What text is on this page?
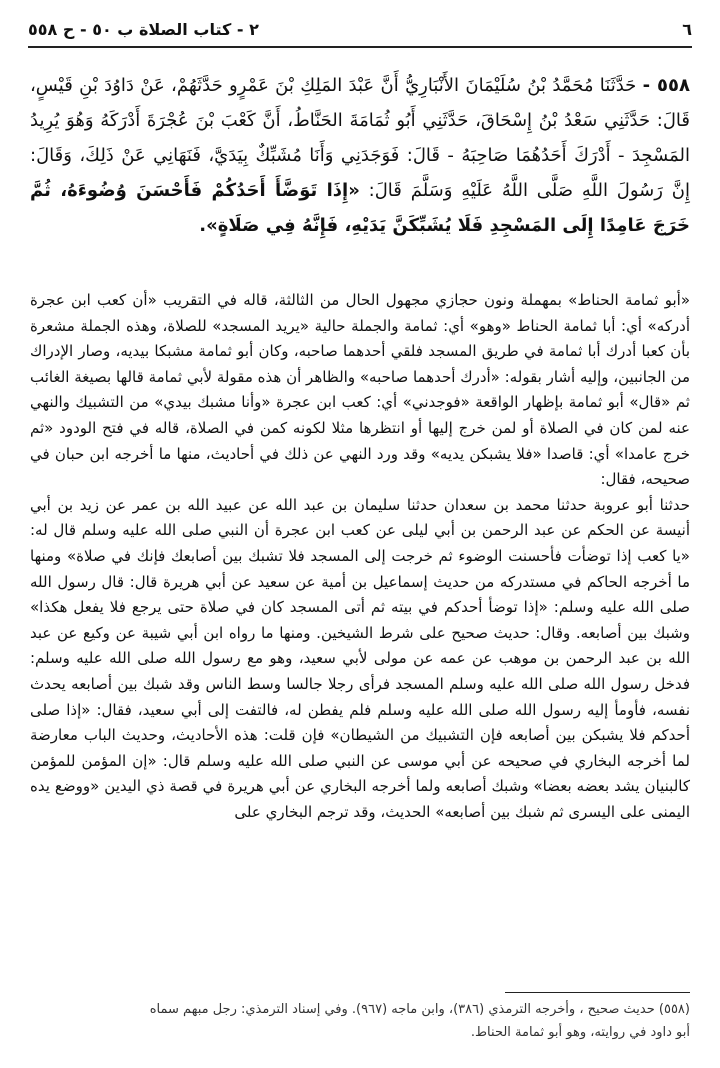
٦
٢ - كتاب الصلاة ب ٥٠ - ح ٥٥٨
٥٥٨ - حَدَّثَنَا مُحَمَّدُ بْنُ سُلَيْمَانَ الأَنْبَارِيُّ أَنَّ عَبْدَ المَلِكِ بْنَ عَمْرٍو حَدَّثَهُمْ، عَنْ دَاوُدَ بْنِ قَيْسٍ، قَالَ: حَدَّثَنِي سَعْدُ بْنُ إِسْحَاقَ، حَدَّثَنِي أَبُو ثُمَامَةَ الحَنَّاطُ، أَنَّ كَعْبَ بْنَ عُجْرَةَ أَدْرَكَهُ وَهُوَ يُرِيدُ المَسْجِدَ - أَدْرَكَ أَحَدُهُمَا صَاحِبَهُ - قَالَ: فَوَجَدَنِي وَأَنَا مُشَبِّكٌ بِيَدَيَّ، فَنَهَانِي عَنْ ذَلِكَ، وَقَالَ: إِنَّ رَسُولَ اللَّهِ صَلَّى اللَّهُ عَلَيْهِ وَسَلَّمَ قَالَ: «إِذَا تَوَضَّأَ أَحَدُكُمْ فَأَحْسَنَ وُضُوءَهُ، ثُمَّ خَرَجَ عَامِدًا إِلَى المَسْجِدِ فَلَا يُشَبِّكَنَّ يَدَيْهِ، فَإِنَّهُ فِي صَلَاةٍ».
«أبو ثمامة الحناط» بمهملة ونون حجازي مجهول الحال من الثالثة، قاله في التقريب «أن كعب ابن عجرة أدركه» أي: أبا ثمامة الحناط «وهو» أي: ثمامة والجملة حالية «يريد المسجد» للصلاة، وهذه الجملة مشعرة بأن كعبا أدرك أبا ثمامة في طريق المسجد فلقي أحدهما صاحبه، وكان أبو ثمامة مشبكا بيديه، وصار الإدراك من الجانبين، وإليه أشار بقوله: «أدرك أحدهما صاحبه» والظاهر أن هذه مقولة لأبي ثمامة قالها بصيغة الغائب ثم «قال» أبو ثمامة بإظهار الواقعة «فوجدني» أي: كعب ابن عجرة «وأنا مشبك بيدي» من التشبيك والنهي عنه لمن كان في الصلاة أو لمن خرج إليها أو انتظرها مثلا لكونه كمن في الصلاة، قاله في فتح الودود «ثم خرج عامدا» أي: قاصدا «فلا يشبكن يديه» وقد ورد النهي عن ذلك في أحاديث، منها ما أخرجه ابن حبان في صحيحه، فقال:
حدثنا أبو عروبة حدثنا محمد بن سعدان حدثنا سليمان بن عبد الله عن عبيد الله بن عمر عن زيد بن أبي أنيسة عن الحكم عن عبد الرحمن بن أبي ليلى عن كعب ابن عجرة أن النبي صلى الله عليه وسلم قال له: «يا كعب إذا توضأت فأحسنت الوضوء ثم خرجت إلى المسجد فلا تشبك بين أصابعك فإنك في صلاة» ومنها ما أخرجه الحاكم في مستدركه من حديث إسماعيل بن أمية عن سعيد عن أبي هريرة قال: قال رسول الله صلى الله عليه وسلم: «إذا توضأ أحدكم في بيته ثم أتى المسجد كان في صلاة حتى يرجع فلا يفعل هكذا» وشبك بين أصابعه. وقال: حديث صحيح على شرط الشيخين. ومنها ما رواه ابن أبي شيبة عن وكيع عن عبد الله بن عبد الرحمن بن موهب عن عمه عن مولى لأبي سعيد، وهو مع رسول الله صلى الله عليه وسلم: فدخل رسول الله صلى الله عليه وسلم المسجد فرأى رجلا جالسا وسط الناس وقد شبك بين أصابعه يحدث نفسه، فأومأ إليه رسول الله صلى الله عليه وسلم فلم يفطن له، فالتفت إلى أبي سعيد، فقال: «إذا صلى أحدكم فلا يشبكن بين أصابعه فإن التشبيك من الشيطان» فإن قلت: هذه الأحاديث، وحديث الباب معارضة لما أخرجه البخاري في صحيحه عن أبي موسى عن النبي صلى الله عليه وسلم قال: «إن المؤمن للمؤمن كالبنيان يشد بعضه بعضا» وشبك أصابعه ولما أخرجه البخاري عن أبي هريرة في قصة ذي اليدين «ووضع يده اليمنى على اليسرى ثم شبك بين أصابعه» الحديث، وقد ترجم البخاري على
(٥٥٨) حديث صحيح ، وأخرجه الترمذي (٣٨٦)، وابن ماجه (٩٦٧). وفي إسناد الترمذي: رجل مبهم سماه
أبو داود في روايته، وهو أبو ثمامة الحناط.
